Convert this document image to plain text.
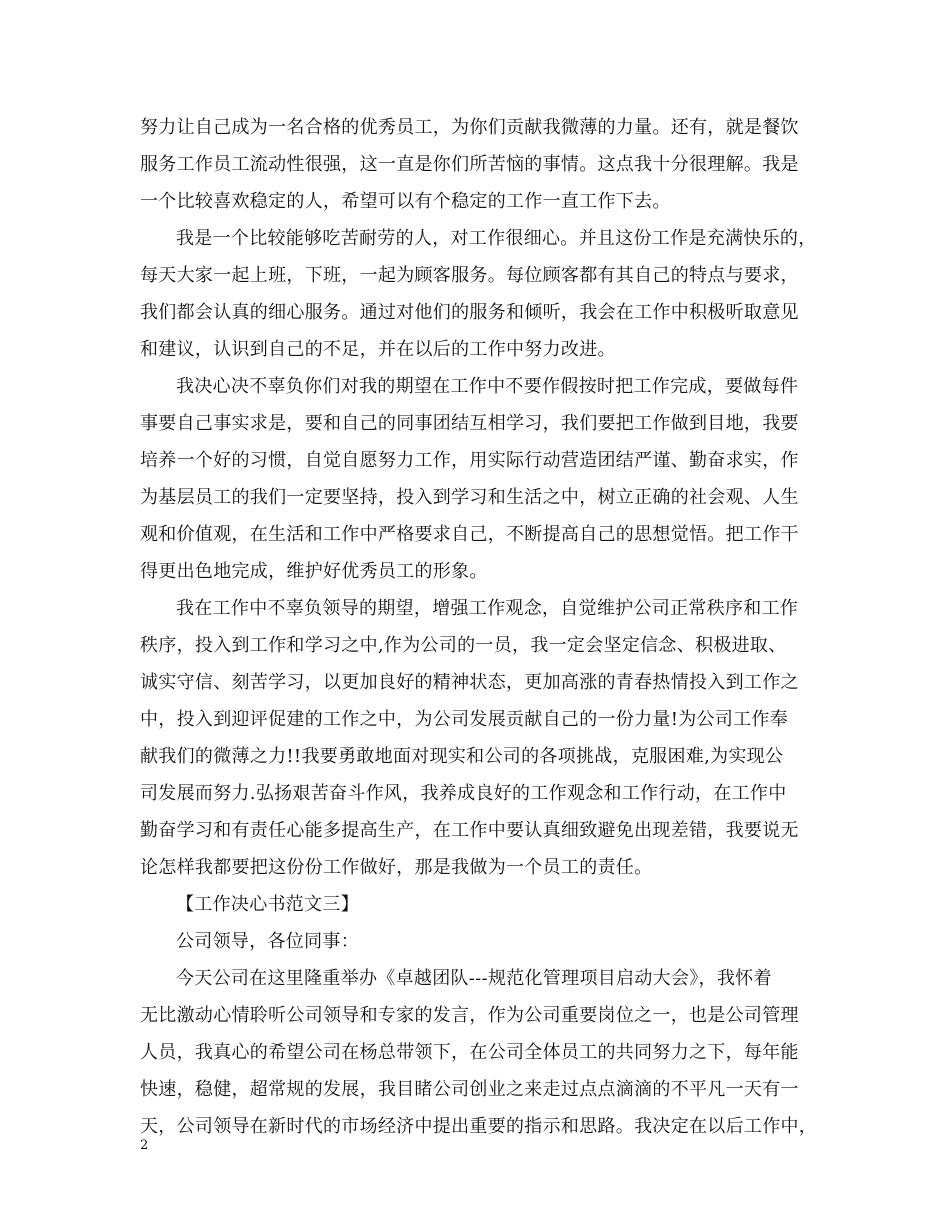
努力让自己成为一名合格的优秀员工，为你们贡献我微薄的力量。还有，就是餐饮
服务工作员工流动性很强，这一直是你们所苦恼的事情。这点我十分很理解。我是
一个比较喜欢稳定的人，希望可以有个稳定的工作一直工作下去。
我是一个比较能够吃苦耐劳的人，对工作很细心。并且这份工作是充满快乐的，
每天大家一起上班，下班，一起为顾客服务。每位顾客都有其自己的特点与要求，
我们都会认真的细心服务。通过对他们的服务和倾听，我会在工作中积极听取意见
和建议，认识到自己的不足，并在以后的工作中努力改进。
我决心决不辜负你们对我的期望在工作中不要作假按时把工作完成，要做每件
事要自己事实求是，要和自己的同事团结互相学习，我们要把工作做到目地，我要
培养一个好的习惯，自觉自愿努力工作，用实际行动营造团结严谨、勤奋求实，作
为基层员工的我们一定要坚持，投入到学习和生活之中，树立正确的社会观、人生
观和价值观，在生活和工作中严格要求自己，不断提高自己的思想觉悟。把工作干
得更出色地完成，维护好优秀员工的形象。
我在工作中不辜负领导的期望，增强工作观念，自觉维护公司正常秩序和工作
秩序，投入到工作和学习之中,作为公司的一员，我一定会坚定信念、积极进取、
诚实守信、刻苦学习，以更加良好的精神状态，更加高涨的青春热情投入到工作之
中，投入到迎评促建的工作之中，为公司发展贡献自己的一份力量!为公司工作奉
献我们的微薄之力!!我要勇敢地面对现实和公司的各项挑战，克服困难,为实现公
司发展而努力.弘扬艰苦奋斗作风，我养成良好的工作观念和工作行动，在工作中
勤奋学习和有责任心能多提高生产，在工作中要认真细致避免出现差错，我要说无
论怎样我都要把这份份工作做好，那是我做为一个员工的责任。
【工作决心书范文三】
公司领导，各位同事：
今天公司在这里隆重举办《卓越团队---规范化管理项目启动大会》，我怀着
无比激动心情聆听公司领导和专家的发言，作为公司重要岗位之一，也是公司管理
人员，我真心的希望公司在杨总带领下，在公司全体员工的共同努力之下，每年能
快速，稳健，超常规的发展，我目睹公司创业之来走过点点滴滴的不平凡一天有一
天，公司领导在新时代的市场经济中提出重要的指示和思路。我决定在以后工作中，
2
